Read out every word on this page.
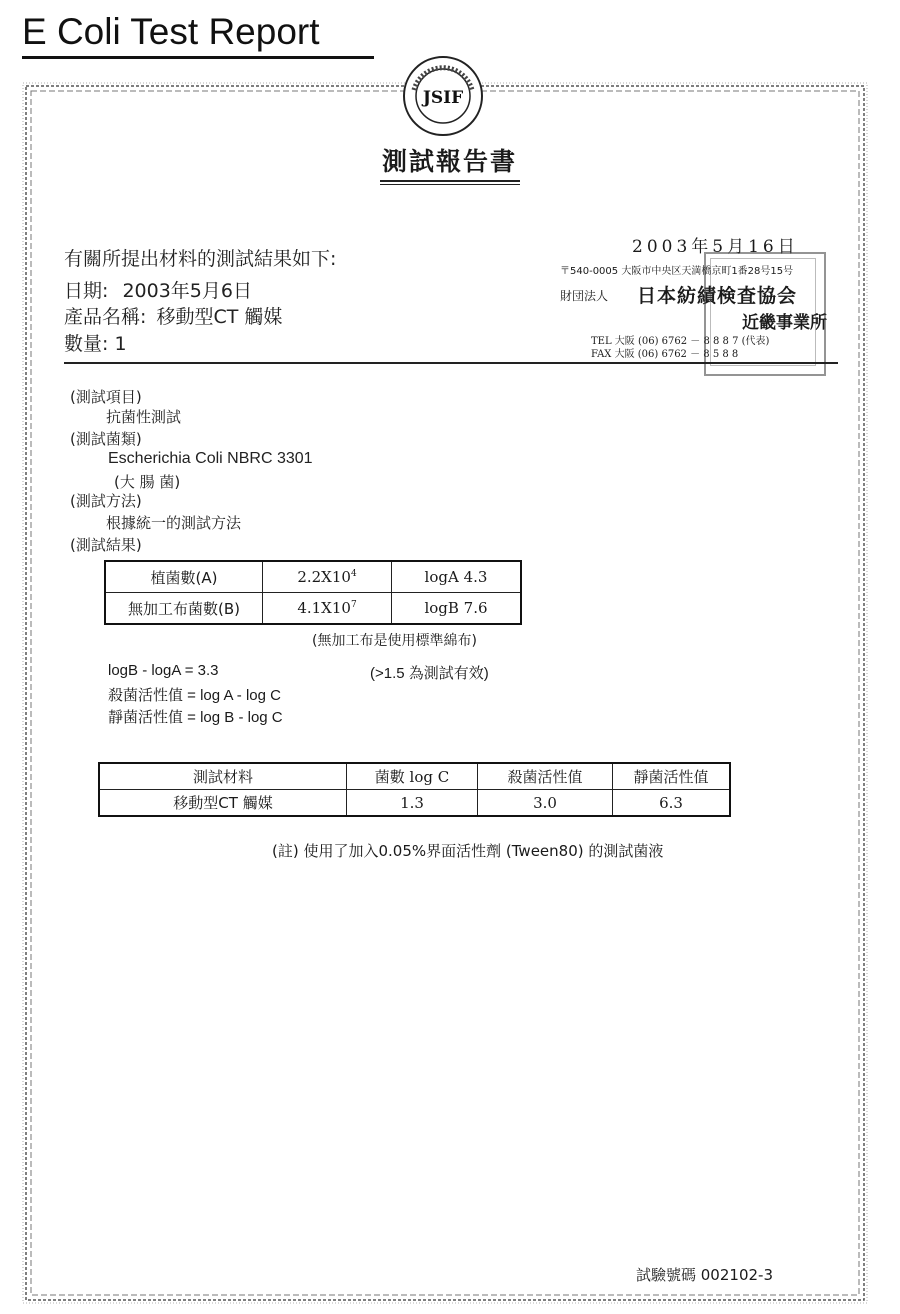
E Coli Test Report
JSIF
測試報告書
有關所提出材料的測試結果如下:
日期: 2003年5月6日
產品名稱: 移動型CT 觸媒
數量: 1
2003年5月16日
〒540-0005 大阪市中央区天満橋京町1番28号15号
財団法人 日本紡績検査協会
近畿事業所
TEL 大阪 (06) 6762 － 8 8 8 7 (代表)
FAX 大阪 (06) 6762 － 8 5 8 8
(測試項目)
抗菌性測試
(測試菌類)
Escherichia Coli NBRC 3301
(大 腸 菌)
(測試方法)
根據統一的測試方法
(測試結果)
植菌數(A)	$2.2X10^4$	logA 4.3
無加工布菌數(B)	$4.1X10^7$	logB 7.6
(無加工布是使用標準綿布)
logB - logA = 3.3	(>1.5 為測試有效)
殺菌活性值 = log A - log C
靜菌活性值 = log B - log C
測試材料	菌數 log C	殺菌活性值	靜菌活性值
移動型CT 觸媒	1.3	3.0	6.3
(註) 使用了加入0.05%界面活性劑 (Tween80) 的測試菌液
試驗號碼 002102-3
